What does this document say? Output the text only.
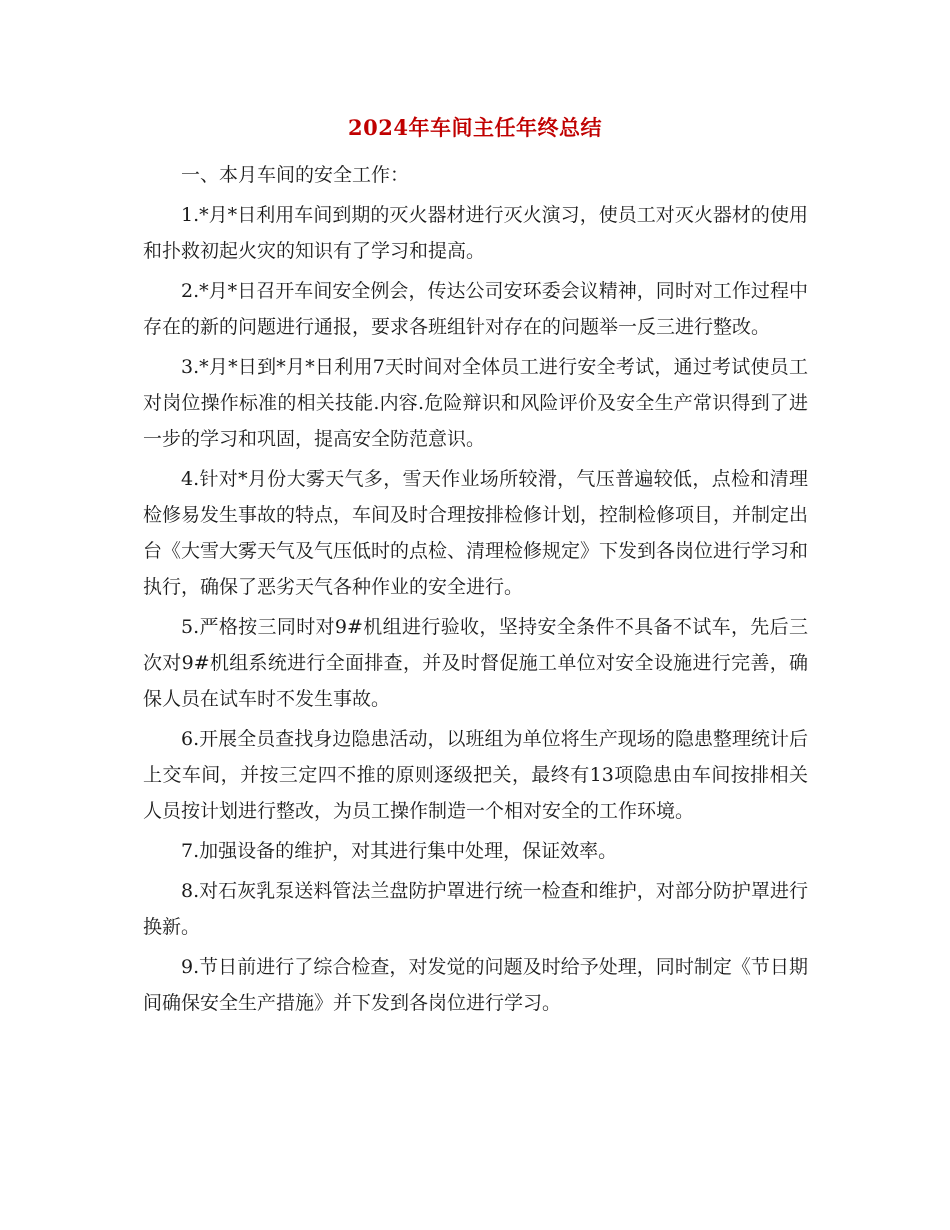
2024年车间主任年终总结

一、本月车间的安全工作：

1.*月*日利用车间到期的灭火器材进行灭火演习，使员工对灭火器材的使用和扑救初起火灾的知识有了学习和提高。

2.*月*日召开车间安全例会，传达公司安环委会议精神，同时对工作过程中存在的新的问题进行通报，要求各班组针对存在的问题举一反三进行整改。

3.*月*日到*月*日利用7天时间对全体员工进行安全考试，通过考试使员工对岗位操作标准的相关技能.内容.危险辩识和风险评价及安全生产常识得到了进一步的学习和巩固，提高安全防范意识。

4.针对*月份大雾天气多，雪天作业场所较滑，气压普遍较低，点检和清理检修易发生事故的特点，车间及时合理按排检修计划，控制检修项目，并制定出台《大雪大雾天气及气压低时的点检、清理检修规定》下发到各岗位进行学习和执行，确保了恶劣天气各种作业的安全进行。

5.严格按三同时对9#机组进行验收，坚持安全条件不具备不试车，先后三次对9#机组系统进行全面排查，并及时督促施工单位对安全设施进行完善，确保人员在试车时不发生事故。

6.开展全员查找身边隐患活动，以班组为单位将生产现场的隐患整理统计后上交车间，并按三定四不推的原则逐级把关，最终有13项隐患由车间按排相关人员按计划进行整改，为员工操作制造一个相对安全的工作环境。

7.加强设备的维护，对其进行集中处理，保证效率。

8.对石灰乳泵送料管法兰盘防护罩进行统一检查和维护，对部分防护罩进行换新。

9.节日前进行了综合检查，对发觉的问题及时给予处理，同时制定《节日期间确保安全生产措施》并下发到各岗位进行学习。
